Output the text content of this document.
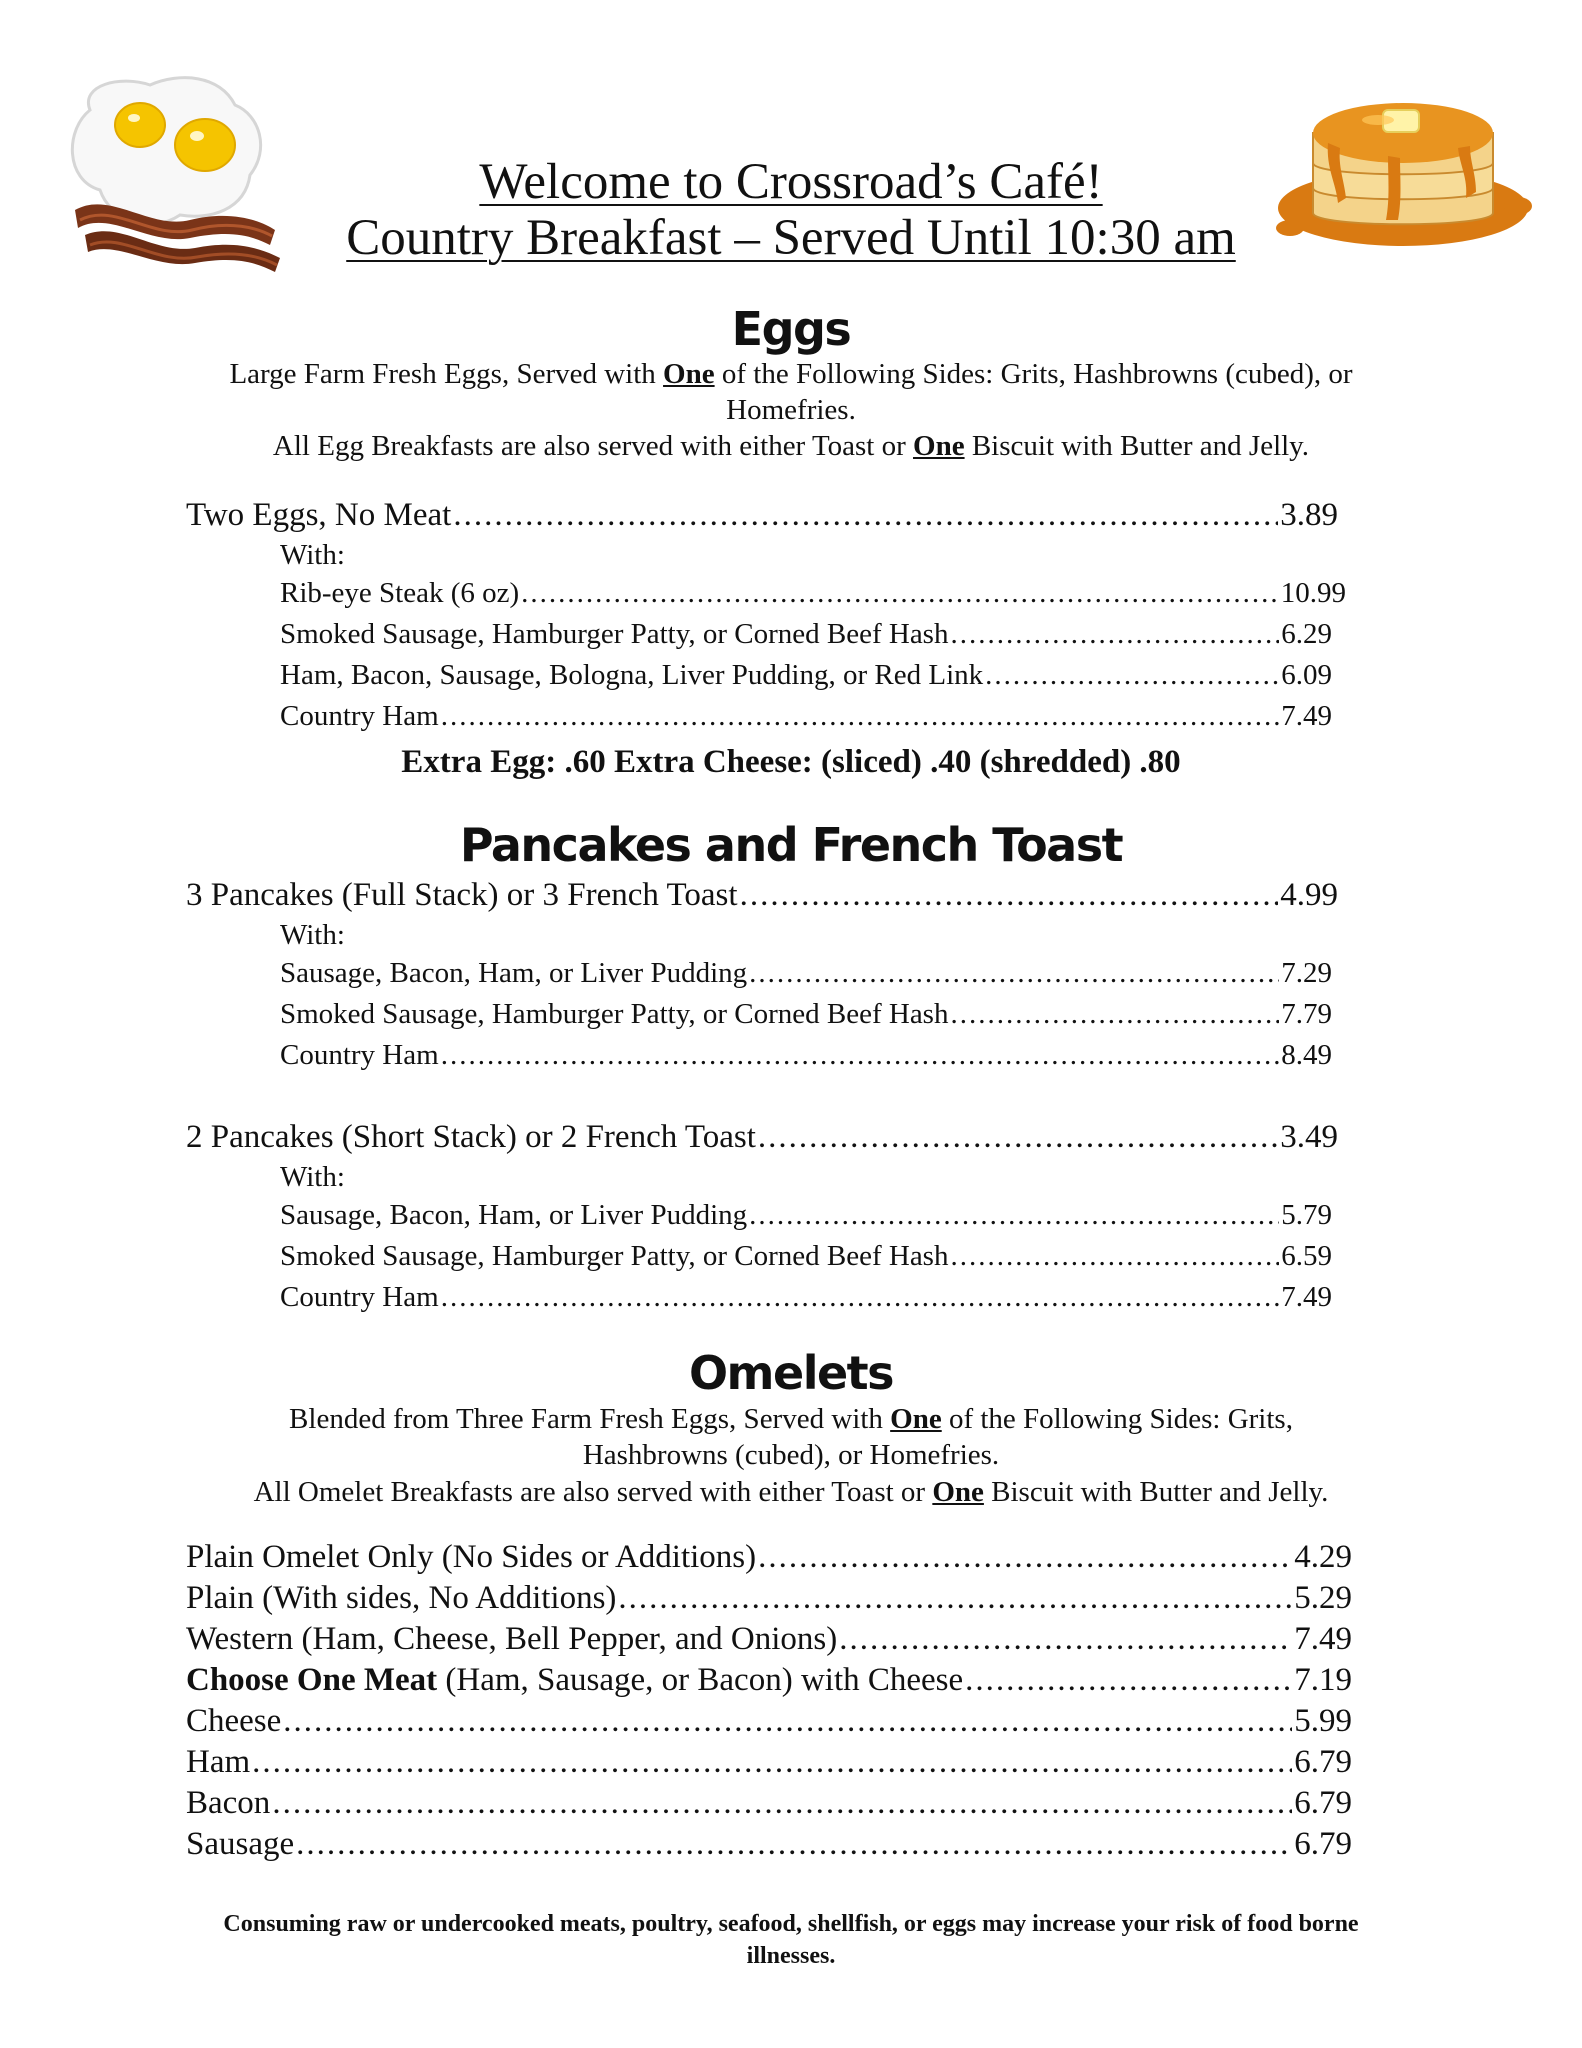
Welcome to Crossroad’s Café!
Country Breakfast – Served Until 10:30 am
Eggs
Large Farm Fresh Eggs, Served with One of the Following Sides: Grits, Hashbrowns (cubed), or Homefries.
All Egg Breakfasts are also served with either Toast or One Biscuit with Butter and Jelly.
Two Eggs, No Meat .....	3.89
With:
Rib-eye Steak (6 oz) .....	10.99
Smoked Sausage, Hamburger Patty, or Corned Beef Hash .....	6.29
Ham, Bacon, Sausage, Bologna, Liver Pudding, or Red Link .....	6.09
Country Ham .....	7.49
Extra Egg: .60 Extra Cheese: (sliced) .40 (shredded) .80
Pancakes and French Toast
3 Pancakes (Full Stack) or 3 French Toast .....	4.99
With:
Sausage, Bacon, Ham, or Liver Pudding .....	7.29
Smoked Sausage, Hamburger Patty, or Corned Beef Hash .....	7.79
Country Ham .....	8.49
2 Pancakes (Short Stack) or 2 French Toast .....	3.49
With:
Sausage, Bacon, Ham, or Liver Pudding .....	5.79
Smoked Sausage, Hamburger Patty, or Corned Beef Hash .....	6.59
Country Ham .....	7.49
Omelets
Blended from Three Farm Fresh Eggs, Served with One of the Following Sides: Grits, Hashbrowns (cubed), or Homefries.
All Omelet Breakfasts are also served with either Toast or One Biscuit with Butter and Jelly.
Plain Omelet Only (No Sides or Additions) .....	4.29
Plain (With sides, No Additions) .....	5.29
Western (Ham, Cheese, Bell Pepper, and Onions) .....	7.49
Choose One Meat (Ham, Sausage, or Bacon) with Cheese .....	7.19
Cheese .....	5.99
Ham .....	6.79
Bacon .....	6.79
Sausage .....	6.79
Consuming raw or undercooked meats, poultry, seafood, shellfish, or eggs may increase your risk of food borne illnesses.
